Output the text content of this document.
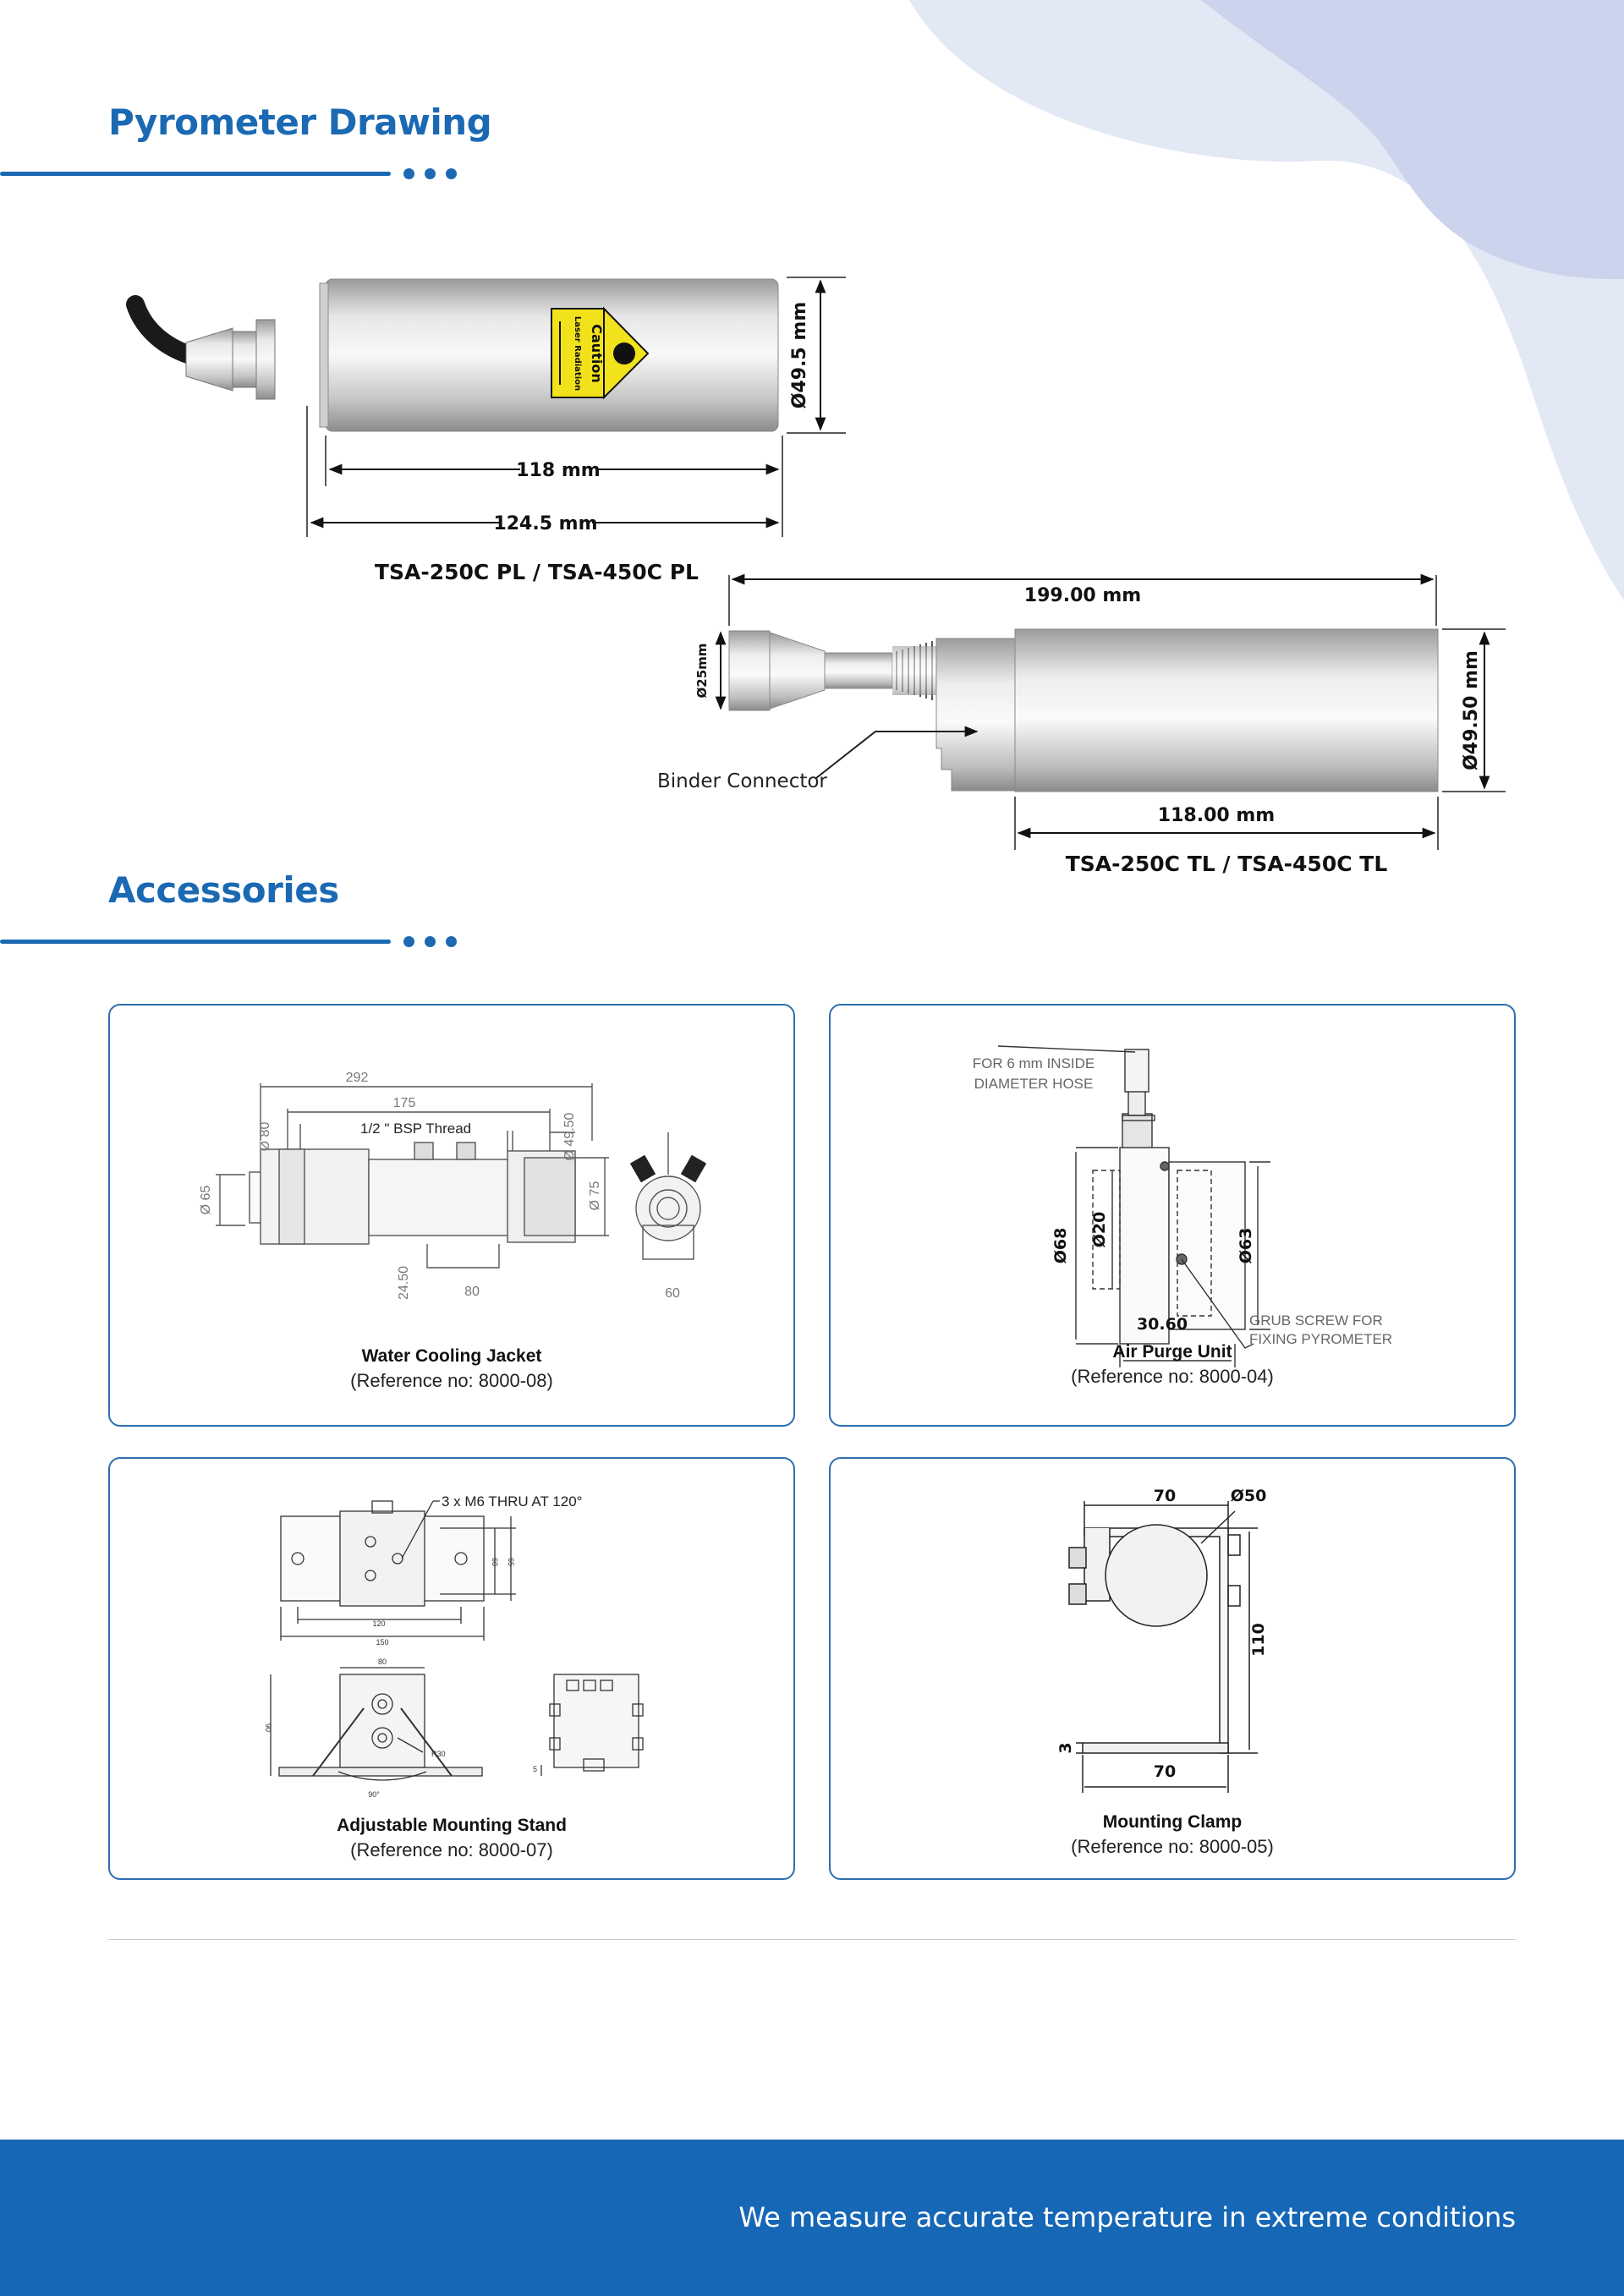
Pyrometer Drawing
Caution
Laser Radiation	Ø49.5 mm
118 mm
124.5 mm
TSA-250C PL / TSA-450C PL
199.00 mm
Ø49.50 mm
Ø25mm
Binder Connector
118.00 mm
TSA-250C TL / TSA-450C TL
Accessories
292
175
Ø 80	Ø 49.50
Ø 65	Ø 75
24.50	80	60
1/2 " BSP Thread
Water Cooling Jacket
(Reference no: 8000-08)
FOR 6 mm INSIDE
DIAMETER HOSE
GRUB SCREW FOR
FIXING PYROMETER
Ø68 Ø20	Ø63
30.60
Air Purge Unit
(Reference no: 8000-04)
120
150
80
60 65
90
R30
90°
5
3 x M6 THRU AT 120°
Adjustable Mounting Stand
(Reference no: 8000-07)
70	Ø50
110
3
70
Mounting Clamp
(Reference no: 8000-05)
We measure accurate temperature in extreme conditions
